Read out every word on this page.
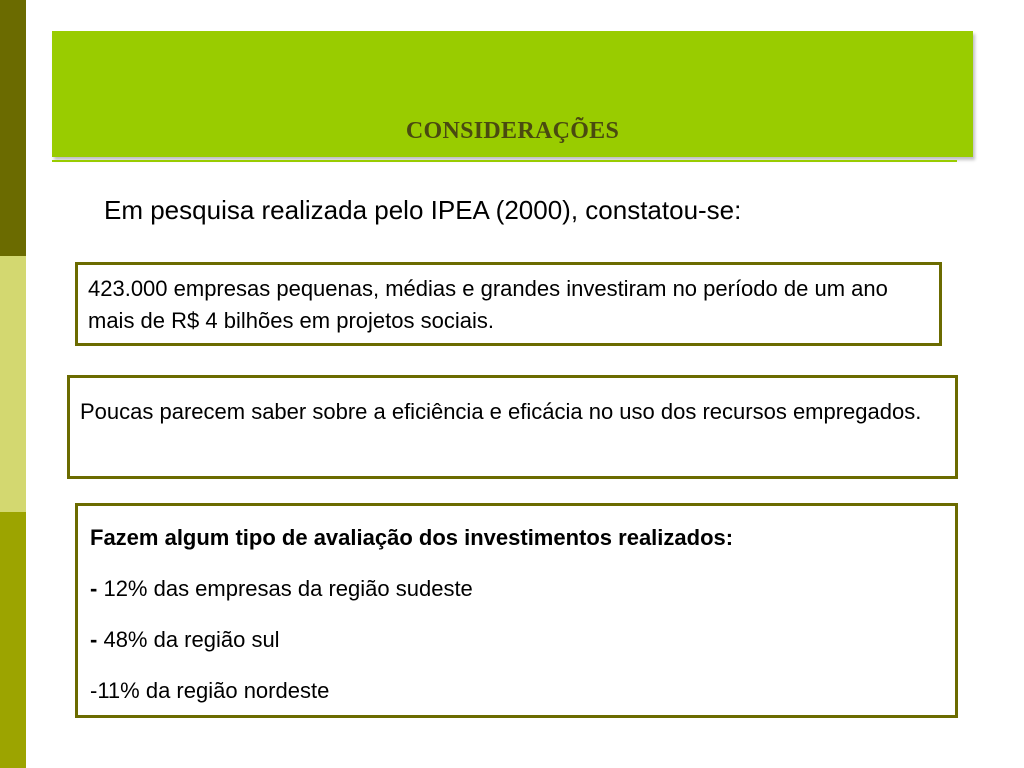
CONSIDERAÇÕES
Em pesquisa realizada pelo IPEA (2000), constatou-se:
423.000 empresas pequenas, médias e grandes investiram no período de um ano mais de R$ 4 bilhões em projetos sociais.
Poucas parecem saber sobre a eficiência e eficácia no uso dos recursos empregados.
Fazem algum tipo de avaliação dos investimentos realizados:
- 12% das empresas da região sudeste
- 48% da região sul
-11% da região nordeste
